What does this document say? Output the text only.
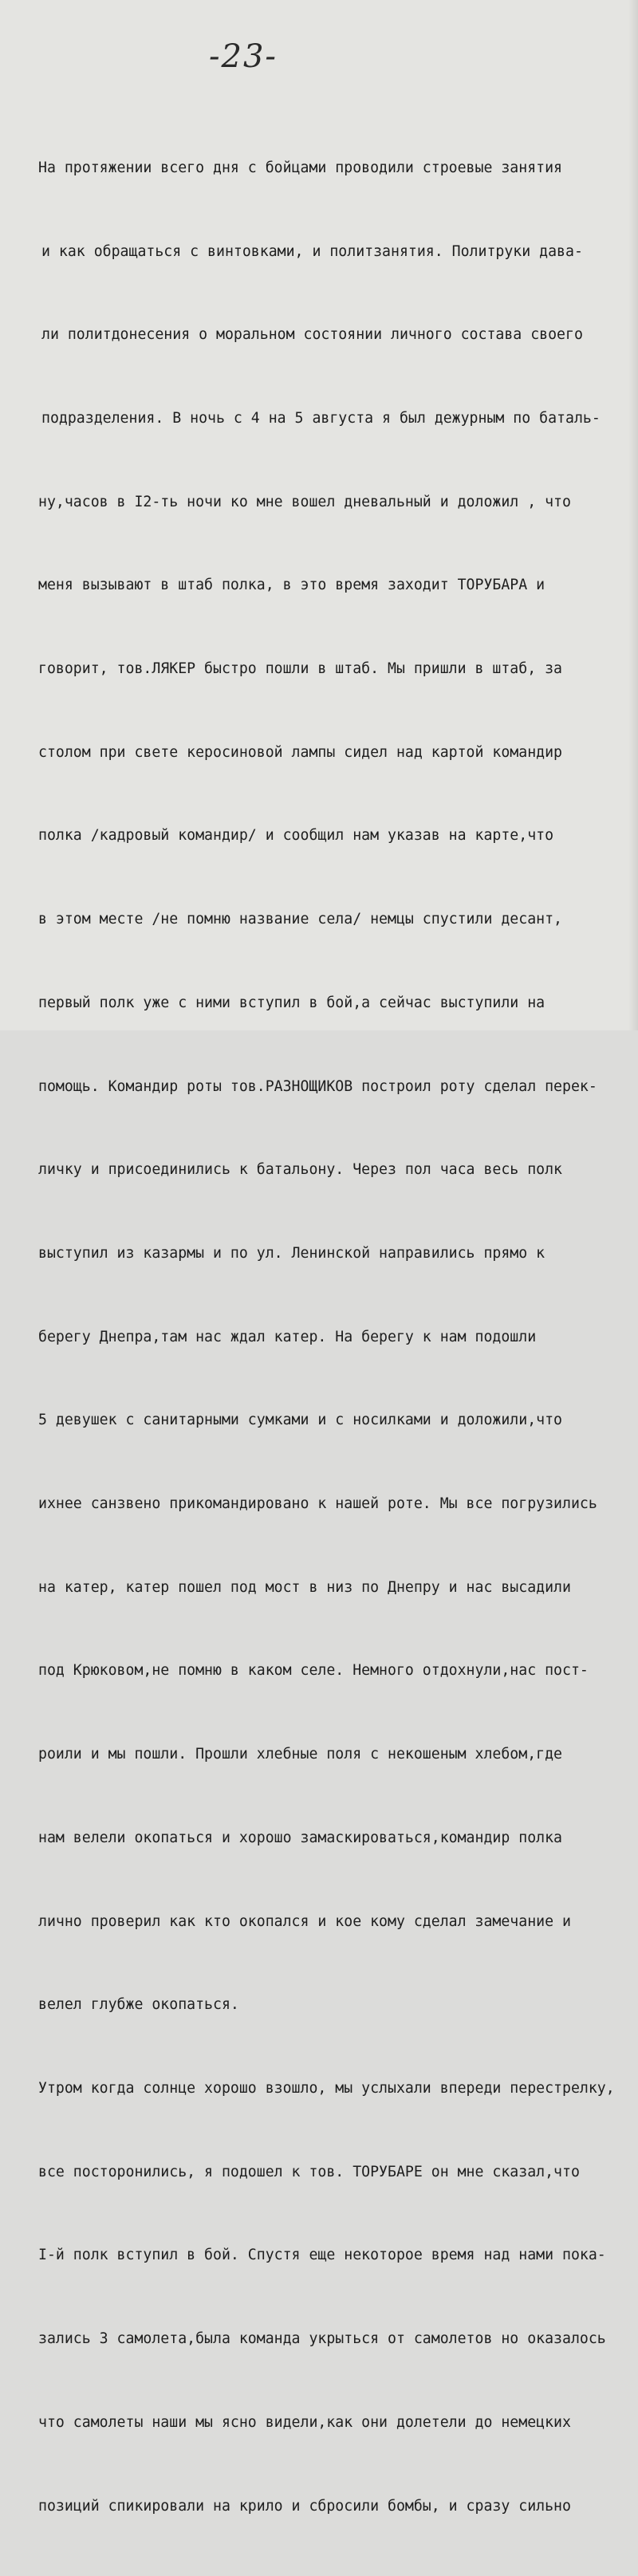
-23-

На протяжении всего дня с бойцами проводили строевые занятия

и как обращаться с винтовками, и политзанятия. Политруки дава-

ли политдонесения о моральном состоянии личного состава своего

подразделения. В ночь с 4 на 5 августа я был дежурным по баталь-

ну,часов в I2-ть ночи ко мне вошел дневальный и доложил , что

меня вызывают в штаб полка, в это время заходит ТОРУБАРА и

говорит, тов.ЛЯКЕР быстро пошли в штаб. Мы пришли в штаб, за

столом при свете керосиновой лампы сидел над картой командир

полка /кадровый командир/ и сообщил нам указав на карте,что

в этом месте /не помню название села/ немцы спустили десант,

первый полк уже с ними вступил в бой,а сейчас выступили на

помощь. Командир роты тов.РАЗНОЩИКОВ построил роту сделал перек-

личку и присоединились к батальону. Через пол часа весь полк

выступил из казармы и по ул. Ленинской направились прямо к

берегу Днепра,там нас ждал катер. На берегу к нам подошли

5 девушек с санитарными сумками и с носилками и доложили,что

ихнее санзвено прикомандировано к нашей роте. Мы все погрузились

на катер, катер пошел под мост в низ по Днепру и нас высадили

под Крюковом,не помню в каком селе. Немного отдохнули,нас пост-

роили и мы пошли. Прошли хлебные поля с некошеным хлебом,где

нам велели окопаться и хорошо замаскироваться,командир полка

лично проверил как кто окопался и кое кому сделал замечание и

велел глубже окопаться.

Утром когда солнце хорошо взошло, мы услыхали впереди перестрелку,

все посторонились, я подошел к тов. ТОРУБАРЕ он мне сказал,что

I-й полк вступил в бой. Спустя еще некоторое время над нами пока-

зались 3 самолета,была команда укрыться от самолетов но оказалось

что самолеты наши мы ясно видели,как они долетели до немецких

позиций спикировали на крило и сбросили бомбы, и сразу сильно
